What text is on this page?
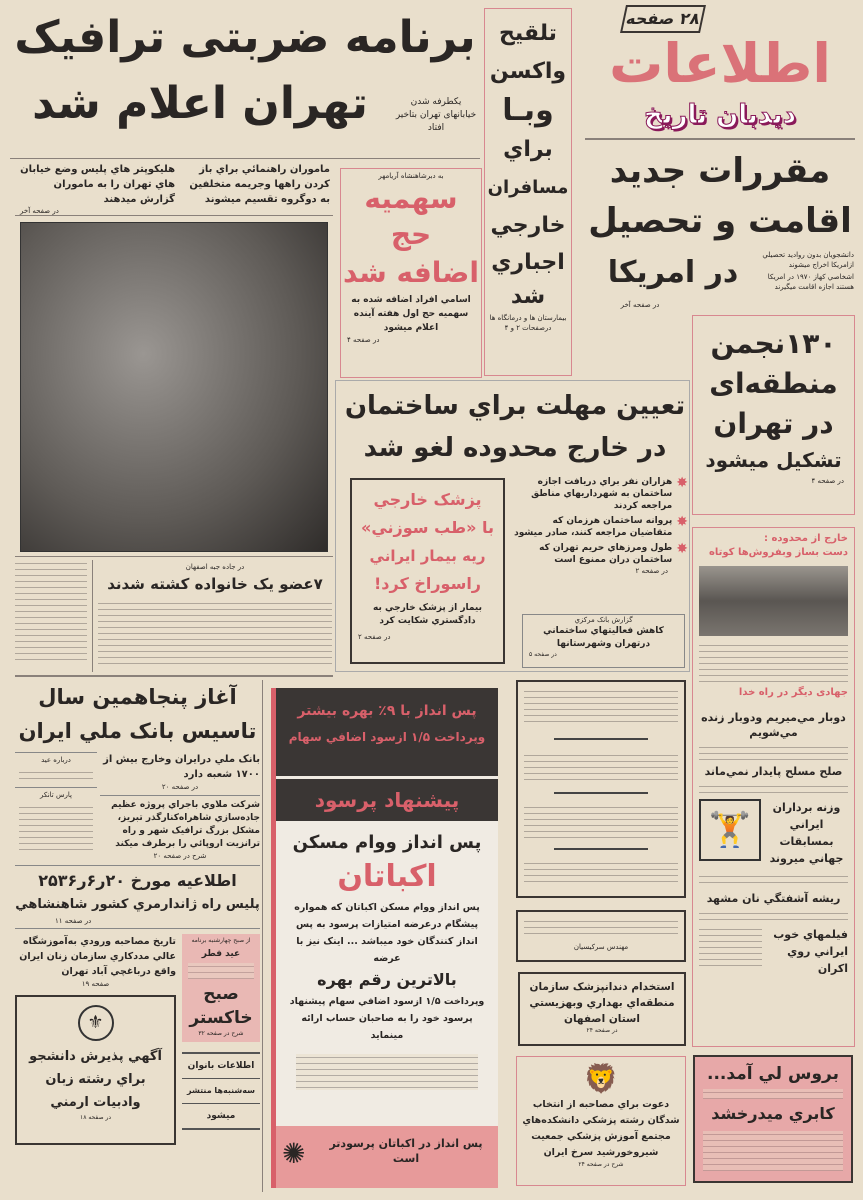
۲۸ صفحه
اطلاعات
دیدبان تاریخ
مقررات جديد
اقامت و تحصيل
در امريکا	دانشجويان بدون رواديد تحصيلي ازامريکا اخراج ميشوند
اشخاصي کهاز ۱۹۷۰ در امريکا هستند اجازه اقامت ميگيرند
در صفحه آخر
برنامه ضربتی ترافیک
تهران اعلام شد	یکطرفه شدن خیابانهای تهران بتاخیر افتاد
ماموران راهنمائي براي باز کردن راهها وجريمه متخلفين به دوگروه تقسيم ميشوند
هليکوپتر هاي پليس وضع خيابان هاي تهران را به ماموران گزارش ميدهند
در صفحه آخر
به دبرشاهنشاه آریامهر
سهمیه
حج
اضافه شد
اسامي افراد اضافه شده به سهميه حج اول هفته آينده اعلام ميشود
در صفحه ۴
تلقيح
واکسن
وبـا
براي
مسافران
خارجي
اجباري
شد
بيمارستان ها و درمانگاه ها
درصفحات ۲ و ۴	۱۳۰نجمن
منطقه‌ای
در تهران
تشکيل ميشود
در صفحه ۴
خارج از محدوده :
دست بساز وبفروش‌ها کوتاه
جهادی دیگر در راه خدا
دوبار مي‌ميريم ودوبار زنده مي‌شويم
صلح مسلح پايدار نمي‌ماند
وزنه برداران ايراني بمسابقات جهاني ميروند
🏋
ريشه آشفتگي نان مشهد
فيلمهاي خوب ايراني روي اکران
بروس لي آمد...
کابري ميدرخشد
تعيين مهلت براي ساختمان
در خارج محدوده لغو شد
✸
هزاران نفر براي دريافت اجازه ساختمان به شهرداريهاي مناطق مراجعه کردند
✸
پروانه ساختمان هرزمان که متقاضيان مراجعه کنند، صادر ميشود
✸
طول ومرزهاي حريم تهران که ساختمان دران ممنوع است
در صفحه ۲
پزشک خارجي
با «طب سوزني»
ريه بيمار ايراني
راسوراخ کرد!
بيمار از پزشک خارجي به دادگستري شکايت کرد
در صفحه ۲
گزارش بانک مرکزي
کاهش فعاليتهاي ساختماني درتهران وشهرستانها
در صفحه ۵
در جاده جبه اصفهان
۷عضو يک خانواده کشته شدند
آغاز پنجاهمين سال
تاسيس بانک ملي ايران
بانک ملي درايران وخارج بيش از ۱۷۰۰ شعبه دارد
در صفحه ۲۰
شرکت ملاوي باجراي پروژه عظيم جاده‌سازي شاهراه‌کنارگذر تبريز، مشکل بزرگ ترافيک شهر و راه ترانزيت اروپائي را برطرف ميکند
شرح در صفحه ۲۰
درباره عيد
پارس تانکر
اطلاعيه مورخ ۲۰ر۶ر۲۵۳۶
پليس راه ژاندارمري کشور شاهنشاهي
در صفحه ۱۱
از صبح چهارشنبه برنامه
عيد فطر
صبح
خاکستر
شرح در صفحه ۳۲
اطلاعات بانوان
سه‌شنبه‌ها منتشر
ميشود
تاريخ مصاحبه ورودي به‌آموزشگاه عالي مددکاري سازمان زنان ايران واقع درباغچي آباد تهران
صفحه ۱۹
⚜
آگهي پذيرش دانشجو
براي رشته زبان
وادبيات ارمني
در صفحه ۱۸
پس انداز با ۹٪ بهره بيشتر
وپرداخت ۱/۵ ازسود اضافي سهام
پيشنهاد پرسود
پس انداز ووام مسکن
اکباتان
پس انداز ووام مسکن اکباتان که همواره پيشگام درعرضه امتيازات پرسود به پس انداز کنندگان خود ميباشد ... اينک نيز با عرضه
بالاترين رقم بهره
وپرداخت ۱/۵ ازسود اضافي سهام پيشنهاد پرسود خود را به صاحبان حساب ارائه مينمايد
پس انداز در اکباتان پرسودتر است
✺
مهندس سرکيسيان
استخدام دندانپزشک سازمان منطقه‌اي بهداري وبهزيستي استان اصفهان
در صفحه ۲۴
🦁
دعوت براي مصاحبه از انتخاب شدگان رشته پزشکي دانشکده‌هاي مجتمع آموزش پزشکي جمعيت شيروخورشيد سرخ ايران
شرح در صفحه ۲۴
